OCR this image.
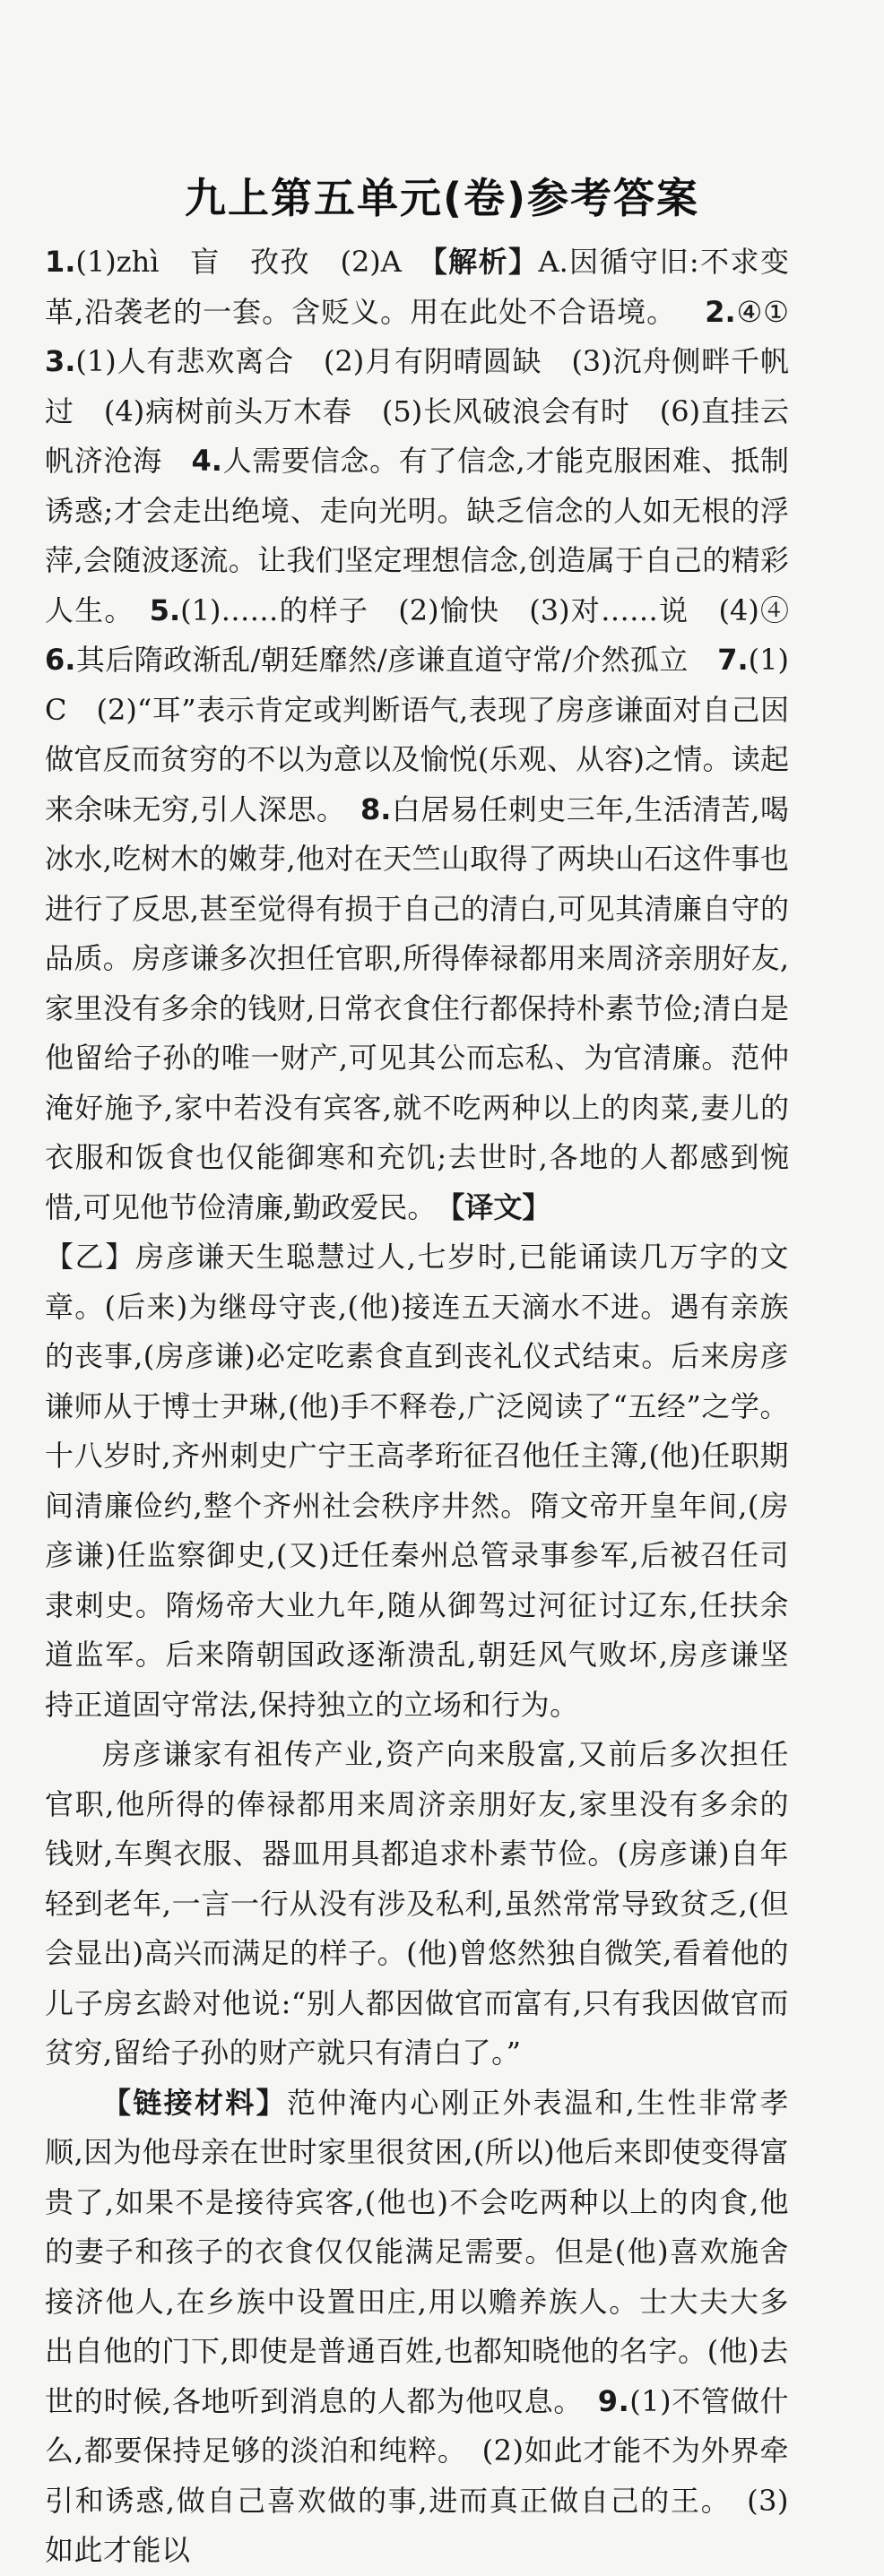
九上第五单元(卷)参考答案

1.(1)zhì　盲　孜孜　(2)A　【解析】A.因循守旧:不求变革,沿袭老的一套。含贬义。用在此处不合语境。 2.④① 3.(1)人有悲欢离合　(2)月有阴晴圆缺　(3)沉舟侧畔千帆过　(4)病树前头万木春　(5)长风破浪会有时　(6)直挂云帆济沧海　4.人需要信念。有了信念,才能克服困难、抵制诱惑;才会走出绝境、走向光明。缺乏信念的人如无根的浮萍,会随波逐流。让我们坚定理想信念,创造属于自己的精彩人生。　5.(1)……的样子　(2)愉快　(3)对……说　(4)④　6.其后隋政渐乱/朝廷靡然/彦谦直道守常/介然孤立　7.(1)C　(2)“耳”表示肯定或判断语气,表现了房彦谦面对自己因做官反而贫穷的不以为意以及愉悦(乐观、从容)之情。读起来余味无穷,引人深思。　8.白居易任刺史三年,生活清苦,喝冰水,吃树木的嫩芽,他对在天竺山取得了两块山石这件事也进行了反思,甚至觉得有损于自己的清白,可见其清廉自守的品质。房彦谦多次担任官职,所得俸禄都用来周济亲朋好友,家里没有多余的钱财,日常衣食住行都保持朴素节俭;清白是他留给子孙的唯一财产,可见其公而忘私、为官清廉。范仲淹好施予,家中若没有宾客,就不吃两种以上的肉菜,妻儿的衣服和饭食也仅能御寒和充饥;去世时,各地的人都感到惋惜,可见他节俭清廉,勤政爱民。　【译文】

【乙】房彦谦天生聪慧过人,七岁时,已能诵读几万字的文章。(后来)为继母守丧,(他)接连五天滴水不进。遇有亲族的丧事,(房彦谦)必定吃素食直到丧礼仪式结束。后来房彦谦师从于博士尹琳,(他)手不释卷,广泛阅读了“五经”之学。十八岁时,齐州刺史广宁王高孝珩征召他任主簿,(他)任职期间清廉俭约,整个齐州社会秩序井然。隋文帝开皇年间,(房彦谦)任监察御史,(又)迁任秦州总管录事参军,后被召任司隶刺史。隋炀帝大业九年,随从御驾过河征讨辽东,任扶余道监军。后来隋朝国政逐渐溃乱,朝廷风气败坏,房彦谦坚持正道固守常法,保持独立的立场和行为。

房彦谦家有祖传产业,资产向来殷富,又前后多次担任官职,他所得的俸禄都用来周济亲朋好友,家里没有多余的钱财,车舆衣服、器皿用具都追求朴素节俭。(房彦谦)自年轻到老年,一言一行从没有涉及私利,虽然常常导致贫乏,(但会显出)高兴而满足的样子。(他)曾悠然独自微笑,看着他的儿子房玄龄对他说:“别人都因做官而富有,只有我因做官而贫穷,留给子孙的财产就只有清白了。”

【链接材料】范仲淹内心刚正外表温和,生性非常孝顺,因为他母亲在世时家里很贫困,(所以)他后来即使变得富贵了,如果不是接待宾客,(他也)不会吃两种以上的肉食,他的妻子和孩子的衣食仅仅能满足需要。但是(他)喜欢施舍接济他人,在乡族中设置田庄,用以赡养族人。士大夫大多出自他的门下,即使是普通百姓,也都知晓他的名字。(他)去世的时候,各地听到消息的人都为他叹息。　9.(1)不管做什么,都要保持足够的淡泊和纯粹。　(2)如此才能不为外界牵引和诱惑,做自己喜欢做的事,进而真正做自己的王。　(3)如此才能以
